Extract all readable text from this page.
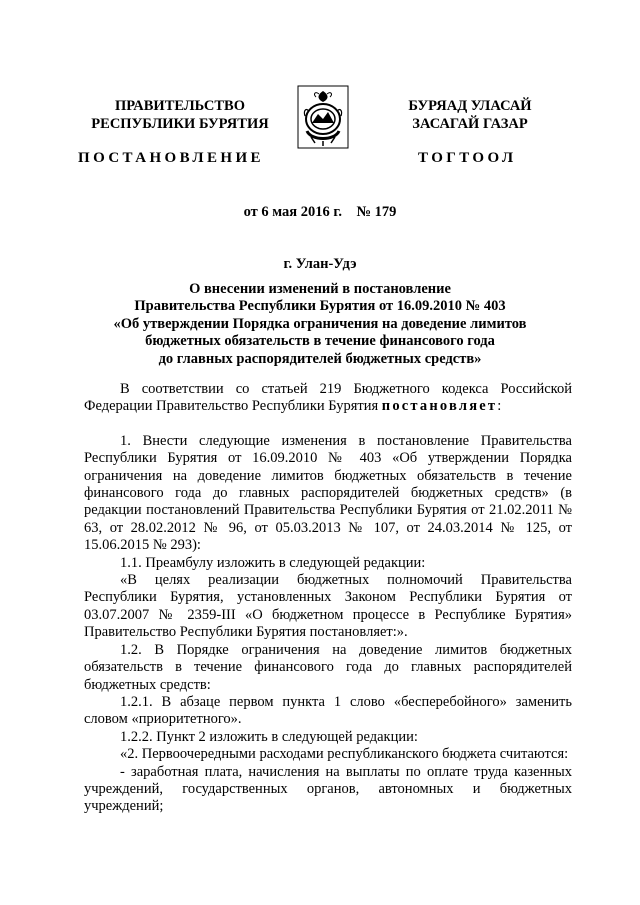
ПРАВИТЕЛЬСТВО
РЕСПУБЛИКИ БУРЯТИЯ
БУРЯАД УЛАСАЙ
ЗАСАГАЙ ГАЗАР
ПОСТАНОВЛЕНИЕ	ТОГТООЛ
от 6 мая 2016 г.    № 179
г. Улан-Удэ
О внесении изменений в постановление
Правительства Республики Бурятия от 16.09.2010 № 403
«Об утверждении Порядка ограничения на доведение лимитов
бюджетных обязательств в течение финансового года
до главных распорядителей бюджетных средств»

В соответствии со статьей 219 Бюджетного кодекса Российской Федерации Правительство Республики Бурятия постановляет:

1. Внести следующие изменения в постановление Правительства Республики Бурятия от 16.09.2010 № 403 «Об утверждении Порядка ограничения на доведение лимитов бюджетных обязательств в течение финансового года до главных распорядителей бюджетных средств» (в редакции постановлений Правительства Республики Бурятия от 21.02.2011 № 63, от 28.02.2012 № 96, от 05.03.2013 № 107, от 24.03.2014 № 125, от 15.06.2015 № 293):

1.1. Преамбулу изложить в следующей редакции:

«В целях реализации бюджетных полномочий Правительства Республики Бурятия, установленных Законом Республики Бурятия от 03.07.2007 № 2359-III «О бюджетном процессе в Республике Бурятия» Правительство Республики Бурятия постановляет:».

1.2. В Порядке ограничения на доведение лимитов бюджетных обязательств в течение финансового года до главных распорядителей бюджетных средств:

1.2.1. В абзаце первом пункта 1 слово «бесперебойного» заменить словом «приоритетного».

1.2.2. Пункт 2 изложить в следующей редакции:

«2. Первоочередными расходами республиканского бюджета считаются:

- заработная плата, начисления на выплаты по оплате труда казенных учреждений, государственных органов, автономных и бюджетных учреждений;
